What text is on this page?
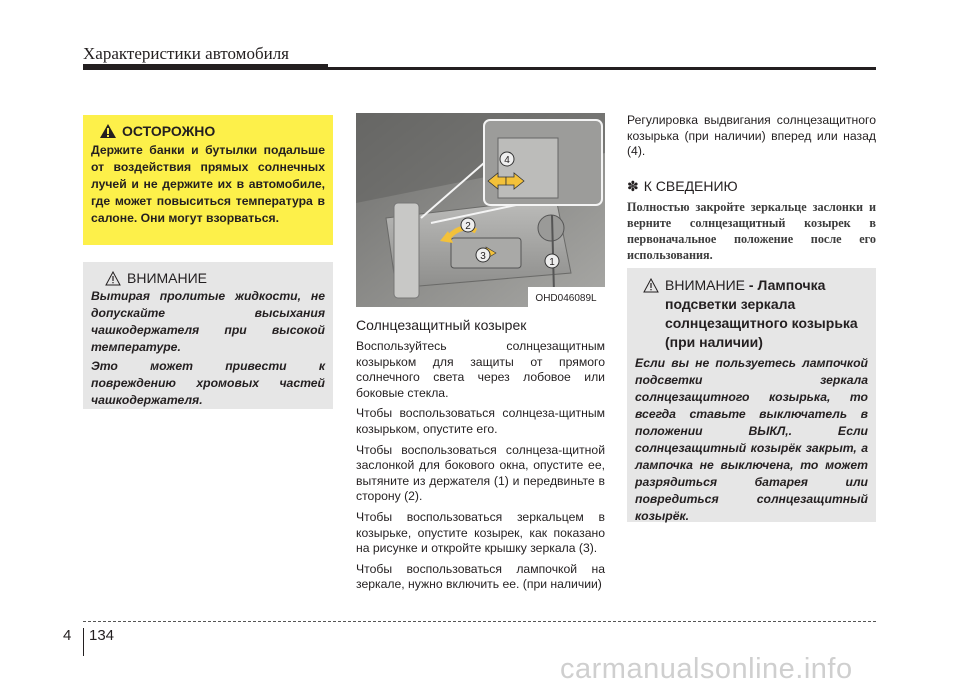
Характеристики автомобиля
ОСТОРОЖНО
Держите банки и бутылки подальше от воздействия прямых солнечных лучей и не держите их в автомобиле, где может повыситься температура в салоне. Они могут взорваться.
ВНИМАНИЕ

Вытирая пролитые жидкости, не допускайте высыхания чашкодержателя при высокой температуре.

Это может привести к повреждению хромовых частей чашкодержателя.

4
2
3
1
OHD046089L
Солнцезащитный козырек

Воспользуйтесь солнцезащитным козырьком для защиты от прямого солнечного света через лобовое или боковые стекла.

Чтобы воспользоваться солнцеза-щитным козырьком, опустите его.

Чтобы воспользоваться солнцеза-щитной заслонкой для бокового окна, опустите ее, вытяните из держателя (1) и передвиньте в сторону (2).

Чтобы воспользоваться зеркальцем в козырьке, опустите козырек, как показано на рисунке и откройте крышку зеркала (3).

Чтобы воспользоваться лампочкой на зеркале, нужно включить ее. (при наличии)

Регулировка выдвигания солнцезащитного козырька (при наличии) вперед или назад (4).

✽ К СВЕДЕНИЮ
Полностью закройте зеркальце заслонки и верните солнцезащитный козырек в первоначальное положение после его использования.
ВНИМАНИЕ - Лампочка подсветки зеркала солнцезащитного козырька (при наличии)
Если вы не пользуетесь лампочкой подсветки зеркала солнцезащитного козырька, то всегда ставьте выключатель в положении ВЫКЛ,. Если солнцезащитный козырёк закрыт, а лампочка не выключена, то может разрядиться батарея или повредиться солнцезащитный козырёк.
4 134
carmanualsonline.info
